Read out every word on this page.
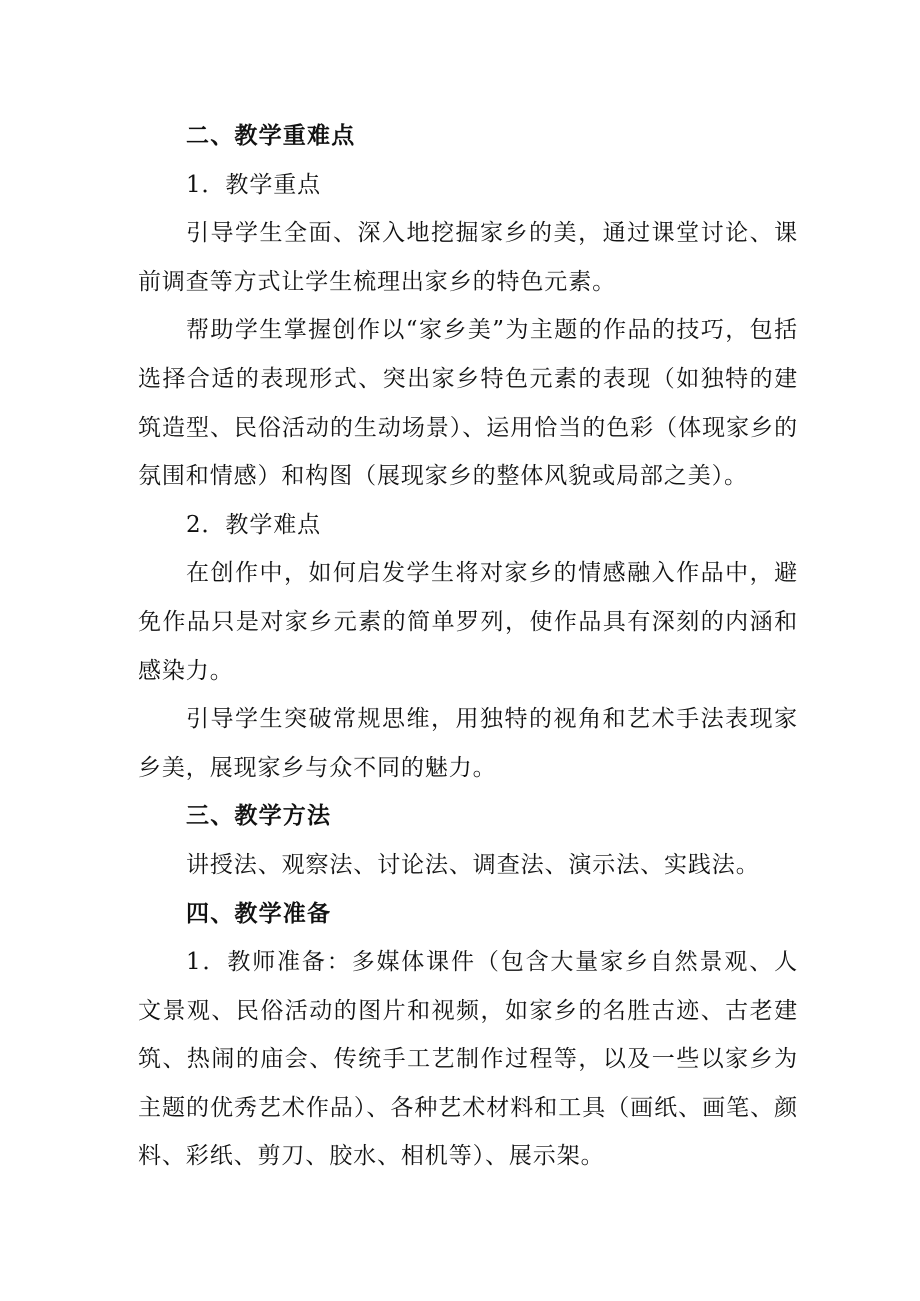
二、教学重难点

1．教学重点

引导学生全面、深入地挖掘家乡的美，通过课堂讨论、课前调查等方式让学生梳理出家乡的特色元素。

帮助学生掌握创作以“家乡美”为主题的作品的技巧，包括选择合适的表现形式、突出家乡特色元素的表现（如独特的建筑造型、民俗活动的生动场景）、运用恰当的色彩（体现家乡的氛围和情感）和构图（展现家乡的整体风貌或局部之美）。

2．教学难点

在创作中，如何启发学生将对家乡的情感融入作品中，避免作品只是对家乡元素的简单罗列，使作品具有深刻的内涵和感染力。

引导学生突破常规思维，用独特的视角和艺术手法表现家乡美，展现家乡与众不同的魅力。

三、教学方法

讲授法、观察法、讨论法、调查法、演示法、实践法。

四、教学准备

1．教师准备：多媒体课件（包含大量家乡自然景观、人文景观、民俗活动的图片和视频，如家乡的名胜古迹、古老建筑、热闹的庙会、传统手工艺制作过程等，以及一些以家乡为主题的优秀艺术作品）、各种艺术材料和工具（画纸、画笔、颜料、彩纸、剪刀、胶水、相机等）、展示架。
